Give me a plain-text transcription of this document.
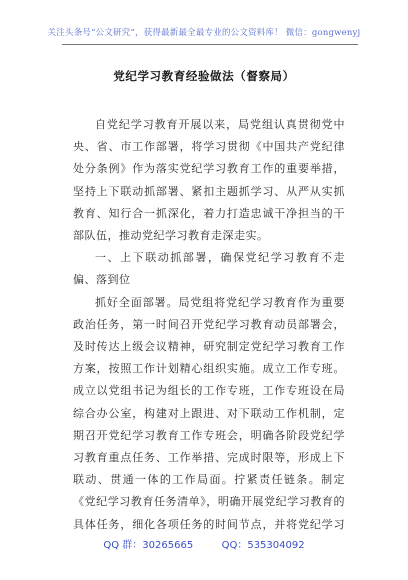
关注头条号“公文研究”，获得最新最全最专业的公文资料库！ 微信：gongwenyj
党纪学习教育经验做法（督察局）

自党纪学习教育开展以来，局党组认真贯彻党中央、省、市工作部署，将学习贯彻《中国共产党纪律处分条例》作为落实党纪学习教育工作的重要举措，坚持上下联动抓部署、紧扣主题抓学习、从严从实抓教育、知行合一抓深化，着力打造忠诚干净担当的干部队伍，推动党纪学习教育走深走实。

一、上下联动抓部署，确保党纪学习教育不走偏、落到位

抓好全面部署。局党组将党纪学习教育作为重要政治任务，第一时间召开党纪学习教育动员部署会，及时传达上级会议精神，研究制定党纪学习教育工作方案，按照工作计划精心组织实施。成立工作专班。成立以党组书记为组长的工作专班，工作专班设在局综合办公室，构建对上跟进、对下联动工作机制，定期召开党纪学习教育工作专班会，明确各阶段党纪学习教育重点任务、工作举措、完成时限等，形成上下联动、贯通一体的工作局面。拧紧责任链条。制定《党纪学习教育任务清单》，明确开展党纪学习教育的具体任务，细化各项任务的时间节点，并将党纪学习

QQ 群：30265665	QQ：535304092
